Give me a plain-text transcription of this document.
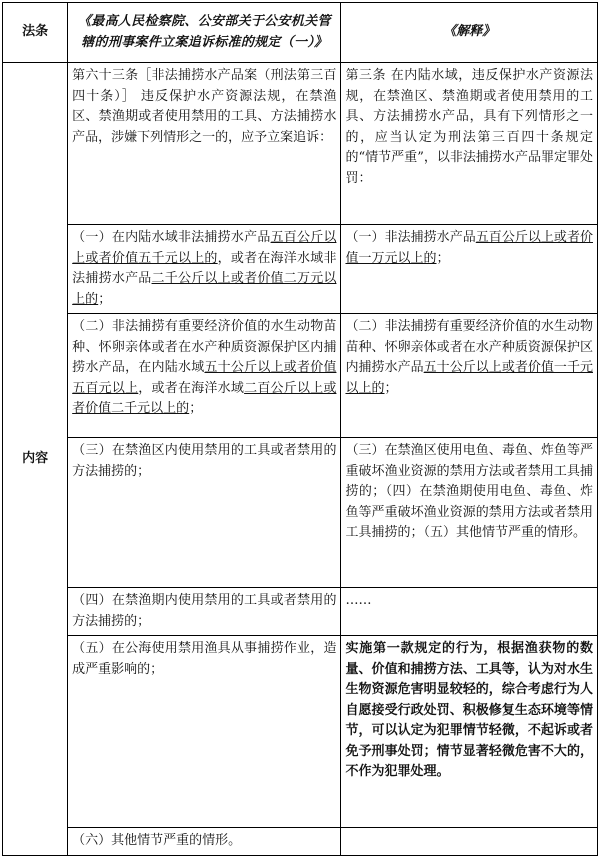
法条	《最高人民检察院、公安部关于公安机关管辖的刑事案件立案追诉标准的规定（一）》	《解释》
内容	第六十三条［非法捕捞水产品案（刑法第三百四十条）］ 违反保护水产资源法规，在禁渔区、禁渔期或者使用禁用的工具、方法捕捞水产品，涉嫌下列情形之一的，应予立案追诉：	第三条 在内陆水域，违反保护水产资源法规，在禁渔区、禁渔期或者使用禁用的工具、方法捕捞水产品，具有下列情形之一的，应当认定为刑法第三百四十条规定的“情节严重”，以非法捕捞水产品罪定罪处罚：
	（一）在内陆水域非法捕捞水产品五百公斤以上或者价值五千元以上的，或者在海洋水域非法捕捞水产品二千公斤以上或者价值二万元以上的；	（一）非法捕捞水产品五百公斤以上或者价值一万元以上的；
	（二）非法捕捞有重要经济价值的水生动物苗种、怀卵亲体或者在水产种质资源保护区内捕捞水产品，在内陆水域五十公斤以上或者价值五百元以上，或者在海洋水域二百公斤以上或者价值二千元以上的；	（二）非法捕捞有重要经济价值的水生动物苗种、怀卵亲体或者在水产种质资源保护区内捕捞水产品五十公斤以上或者价值一千元以上的；
	（三）在禁渔区内使用禁用的工具或者禁用的方法捕捞的；	（三）在禁渔区使用电鱼、毒鱼、炸鱼等严重破坏渔业资源的禁用方法或者禁用工具捕捞的；（四）在禁渔期使用电鱼、毒鱼、炸鱼等严重破坏渔业资源的禁用方法或者禁用工具捕捞的；（五）其他情节严重的情形。
	（四）在禁渔期内使用禁用的工具或者禁用的方法捕捞的；	……
	（五）在公海使用禁用渔具从事捕捞作业，造成严重影响的；	实施第一款规定的行为，根据渔获物的数量、价值和捕捞方法、工具等，认为对水生生物资源危害明显较轻的，综合考虑行为人自愿接受行政处罚、积极修复生态环境等情节，可以认定为犯罪情节轻微，不起诉或者免予刑事处罚；情节显著轻微危害不大的，不作为犯罪处理。
	（六）其他情节严重的情形。	
